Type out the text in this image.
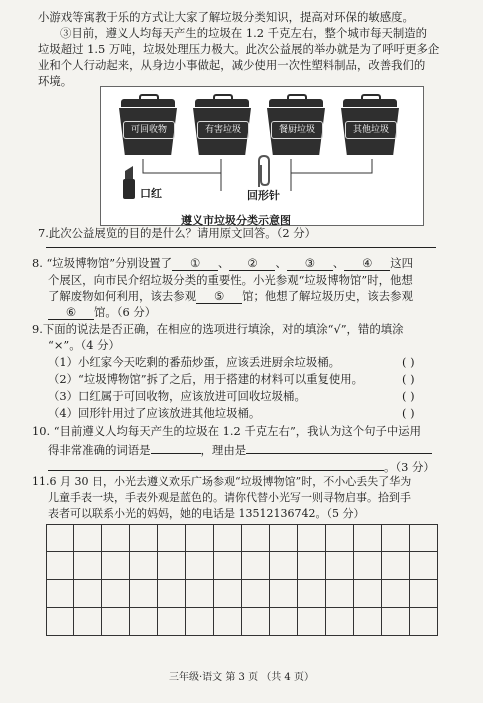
小游戏等寓教于乐的方式让大家了解垃圾分类知识，提高对环保的敏感度。
③目前，遵义人均每天产生的垃圾在 1.2 千克左右，整个城市每天制造的
垃圾超过 1.5 万吨，垃圾处理压力极大。此次公益展的举办就是为了呼吁更多企
业和个人行动起来，从身边小事做起，减少使用一次性塑料制品，改善我们的
环境。
可回收物	有害垃圾	餐厨垃圾	其他垃圾
口红	回形针
遵义市垃圾分类示意图
7.此次公益展览的目的是什么？请用原文回答。（2 分）
8. “垃圾博物馆”分别设置了 ① 、 ② 、 ③ 、 ④ 这四
个展区，向市民介绍垃圾分类的重要性。小光参观“垃圾博物馆”时，他想
了解废物如何利用，该去参观 ⑤ 馆；他想了解垃圾历史，该去参观
⑥ 馆。（6 分）
9.下面的说法是否正确，在相应的选项进行填涂，对的填涂“√”，错的填涂
“×”。（4 分）
（1）小红家今天吃剩的番茄炒蛋，应该丢进厨余垃圾桶。	( )
（2）“垃圾博物馆”拆了之后，用于搭建的材料可以重复使用。	( )
（3）口红属于可回收物，应该放进可回收垃圾桶。	( )
（4）回形针用过了应该放进其他垃圾桶。	( )
10. “目前遵义人均每天产生的垃圾在 1.2 千克左右”，我认为这个句子中运用
得非常准确的词语是	，理由是
。（3 分）
11.6 月 30 日，小光去遵义欢乐广场参观“垃圾博物馆”时，不小心丢失了华为
儿童手表一块，手表外观是蓝色的。请你代替小光写一则寻物启事。拾到手
表者可以联系小光的妈妈，她的电话是 13512136742。（5 分）
三年级·语文 第 3 页 （共 4 页）
